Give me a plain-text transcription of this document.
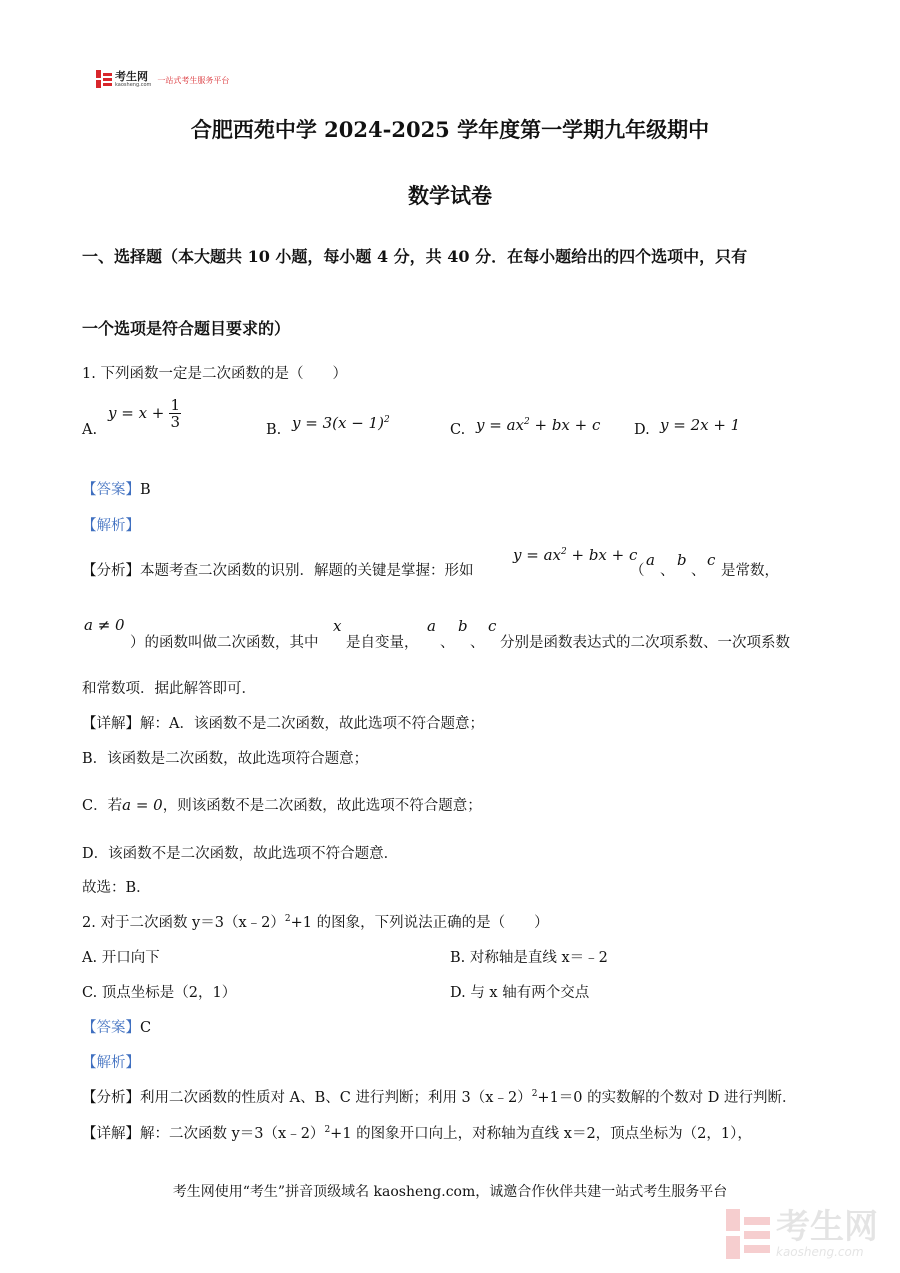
考生网
kaosheng.com 一站式考生服务平台
合肥西苑中学 2024-2025 学年度第一学期九年级期中
数学试卷
一、选择题（本大题共 10 小题，每小题 4 分，共 40 分．在每小题给出的四个选项中，只有
一个选项是符合题目要求的）
1. 下列函数一定是二次函数的是（　　）
A.
$y = x + \frac{1}{3}$	B. $y = 3(x - 1)^2$
C. $y = ax^2$ + bx + c D. y = 2x + 1
【答案】B
【解析】
【分析】本题考查二次函数的识别．解题的关键是掌握：形如
$y = ax^2$ + bx + c
（
a
、
b
、
c
是常数，
a ≠ 0
）的函数叫做二次函数，其中
x
是自变量，
a
、
b
、
c
分别是函数表达式的二次项系数、一次项系数
和常数项．据此解答即可．
【详解】解：A．该函数不是二次函数，故此选项不符合题意；
B．该函数是二次函数，故此选项符合题意；
C．若a = 0，则该函数不是二次函数，故此选项不符合题意；
D．该函数不是二次函数，故此选项不符合题意．
故选：B．
2. 对于二次函数 y＝3（x﹣2）$^2$+1 的图象，下列说法正确的是（　　）
A. 开口向下	B. 对称轴是直线 x＝﹣2
C. 顶点坐标是（2，1）	D. 与 x 轴有两个交点
【答案】C
【解析】
【分析】利用二次函数的性质对 A、B、C 进行判断；利用 3（x﹣2）$^2$+1＝0 的实数解的个数对 D 进行判断．
【详解】解：二次函数 y＝3（x﹣2）$^2$+1 的图象开口向上，对称轴为直线 x＝2，顶点坐标为（2，1），
考生网使用“考生”拼音顶级域名 kaosheng.com，诚邀合作伙伴共建一站式考生服务平台
考生网
kaosheng.com
